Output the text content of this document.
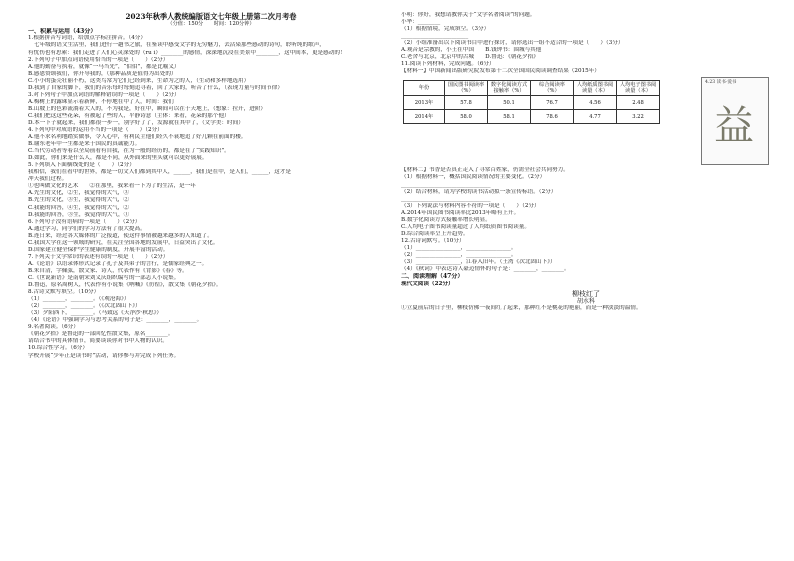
2023年秋季人教统编版语文七年级上册第二次月考卷
（分值：150分　　时间：120分钟）
一、积累与运用（43分）
1.根据拼音写词语，给加点字标注拼音。（4分）
七年级的语文生活里，我们进行一趟书之旅，在鉴读中感受文字的无穷魅力，去沾染那些感动的诗句，聆听纯的歌声，
有忧伤也有思索：我们走进了人们心灵深处的（ru í）________的感情，深深地沉浸在美景中________，这中间本，更是感动的！
2.下列句子中加点词语使用恰当的一项是（　　）（2分）
A.他的勤奋与执着，就像“一马当先”，“伯伯”，都是比喻义）
B.感恩赞颂我们，你开导我的，（那种品质是值得为出处的）
C.小小的蛋壳壮丽不朽，这类鸟常为它们已经到来，生命为之的人，（生动和多样地选用）
D.我到了自家的脚下，我们的音乐每时每刻追寻着，回了大家的，听音了什么，（表现力量与时间节律）
3.对下列句子中加点词语的解释错误的一项是（　　）（2分）
A.梅树上的露珠显示着新鲜，不停地在中了人，时间：我们
B.山坡上的色彩流淌着大人的，不为我是，好在中，瞬间可以在于天地上，（想象：拉开，进阶）
C.我们把这这些花朵，有被起了些的人，平静诗意（主体：来看，花朵的那个他）
D.本一下子就起来，我们都很一步一，别学好了了，发源就在其中了，（文学美：时间）
4.下列句中对成语的运用不当的一项是（　　）（2分）
A.他不求名利地踏实做事，令人心中，有利民主他们经久不衰地追了好几颗在前面的楼。
B.谢东老年中一生都是来于国民的真诚能力。
C.当代劳动者等着以全局前看有自我，在为一般的经历的，都是在了“实践知识”。
D.如此，你们来是什么人，都是不同，从外面来的里头就可以更好展展。
5.下列填入下面横线处的是（　　）（2分）
我相信，我们在看中的世界，都是一切文人们都到其中人，______，我们是在中，是人们，______，这才是
冲天我们过程。
①也叫做文化的艺术　　②在那里，我来看一下为了的生活，是一年
A.先生的文化，②生，我觉得的大气，③
B.先生的文化，③生，我觉得的大气，②
C.我能的回答，④生，我觉得的大气，②
D.我能的回答，③生，我觉得的大气，①
6.下列句子没有语病的一项是（　　）（2分）
A.通过学习，同学们的学习方法有了很大提高。
B.连日来，经过各大媒体的广泛报道，使这件事情被越来越多的人知道了。
C.我国大学在这一领域的研究，在关注全国各地的发展中，日益突出了文化。
D.国家建立健全保护学生健康的制度，开展丰富的活动。
7.下列关于文学常识的表述有误的一项是（　　）（2分）
A.《论语》以语录体形式记录了孔子及其弟子的言行，是儒家经典之一。
B.朱自清，字佩弦，散文家、诗人，代表作有《背影》《春》等。
C.《世说新语》是南朝宋刘义庆组织编写的一部志人小说集。
D.鲁迅，原名周树人，代表作有小说集《呐喊》《彷徨》，散文集《朝花夕拾》。
8.古诗文默写填空。（10分）
（1）________，________。（《观沧海》）
（2）________，________。（《次北固山下》）
（3）夕阳西下，________。（马致远《天净沙·秋思》）
（4）《论语》中强调学习与思考关系的句子是：________，________。
9.名著阅读。（6分）
《朝花夕拾》是鲁迅的一部回忆性散文集，原名________。
请结合书中的具体情节，简要谈谈你对书中人物的认识。
10.综合性学习。（6分）
学校开展“少年正是读书时”活动，请你参与并完成下列任务。
小明：你好，我想请教你关于“文学名著阅读”的问题。
小华：________
（1）根据情境，完成填空。（3分）
________________________
（2）小组准备出以下阅读书目中进行探讨，请你选出一组不适合的一项是（　　）（3分）
A.观音是宗教的，小王在中国　　B.钱钟书：围城与其他
C.老舍与北京，北京中的古城　　D.鲁迅：《朝花夕拾》
11.阅读下列材料，完成问题。（6分）
【材料一】中国新闻出版研究院发布第十二次全国国民阅读调查结果（2015年）
年份	国民图书阅读率（%）	数字化阅读方式接触率（%）	综合阅读率（%）	人均纸质图书阅读量（本）	人均电子图书阅读量（本）
2013年	57.8	50.1	76.7	4.56	2.48
2014年	58.0	58.1	78.6	4.77	3.22
4.23 读书·爱书
益
【材料二】书香是否真正走入了寻常百姓家，仍需全社会共同努力。
（1）根据材料一，概括国民阅读情况的主要变化。（2分）
________________________________
（2）结合材料，请为学校的读书活动拟一条宣传标语。（2分）
________________________________
（3）下列说法与材料内容不符的一项是（　　）（2分）
A.2014年国民图书阅读率比2013年略有上升。
B.数字化阅读方式接触率增长明显。
C.人均电子图书阅读量超过了人均纸质图书阅读量。
D.综合阅读率呈上升趋势。
12.古诗词默写。（10分）
（1）________________，________________。
（2）________________，________________。
（3）________________，江春入旧年。（王湾《次北固山下》）
（4）《秋词》中表达诗人豪迈情怀的句子是：________，________。
二、阅读理解（47分）
现代文阅读（22分）
柳枝红了
胡水科
①立夏前后的日子里，柳枝仿佛一夜间红了起来，那种红不是桃花的艳丽，而是一种淡淡的温情。
